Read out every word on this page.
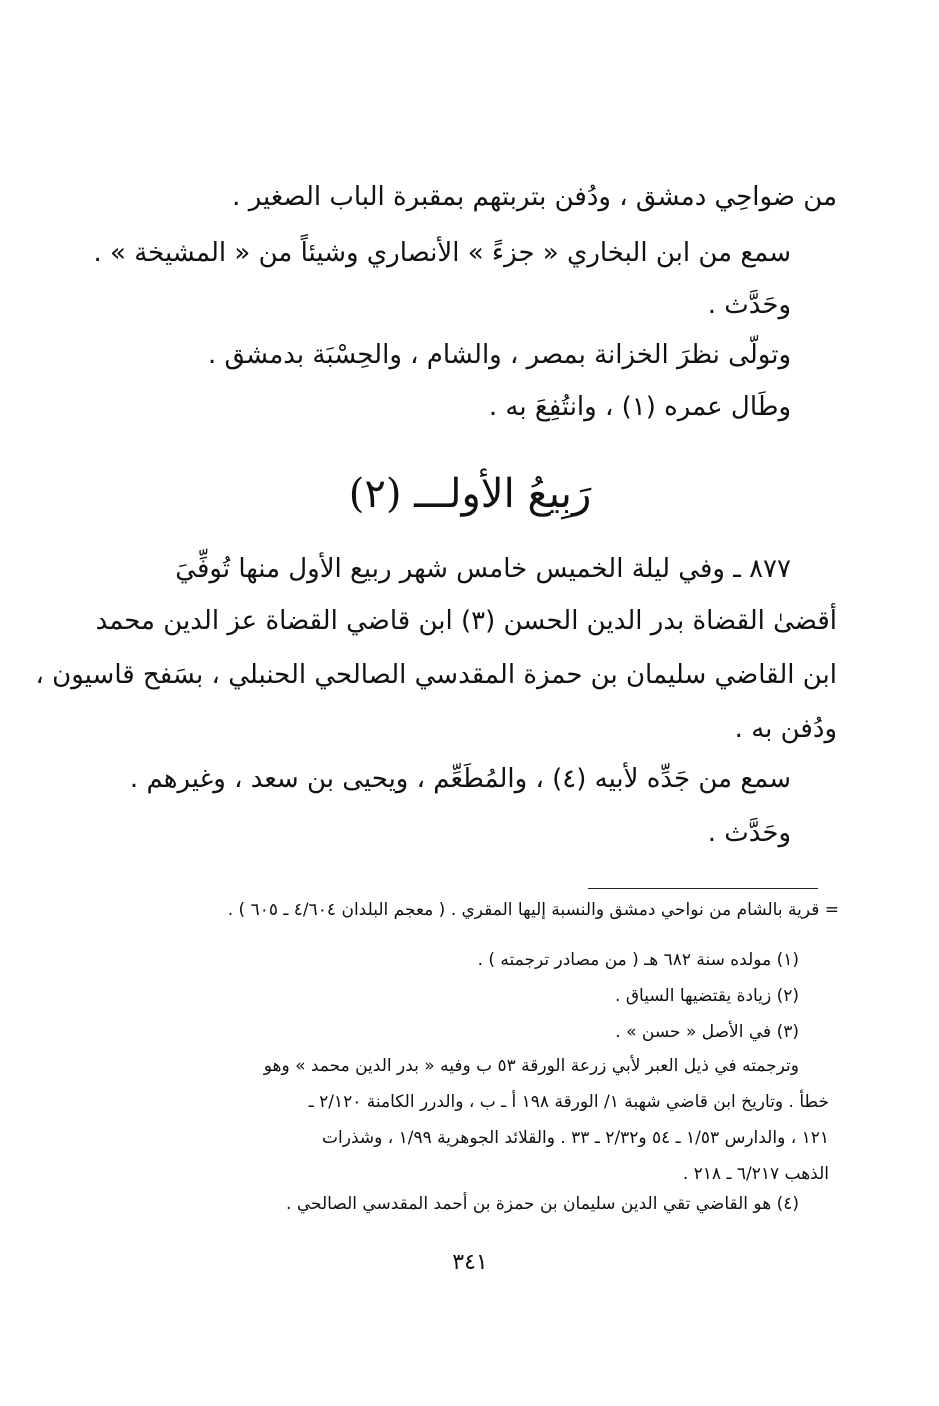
من ضواحِي دمشق ، ودُفن بتربتهم بمقبرة الباب الصغير .
سمع من ابن البخاري « جزءً » الأنصاري وشيئاً من « المشيخة » .
وحَدَّث .
وتولّى نظرَ الخزانة بمصر ، والشام ، والحِسْبَة بدمشق .
وطَال عمره (١) ، وانتُفِعَ به .
رَبِيعُ الأولـــ (٢)
٨٧٧ ـ وفي ليلة الخميس خامس شهر ربيع الأول منها تُوفِّيَ
أقضىٰ القضاة بدر الدين الحسن (٣) ابن قاضي القضاة عز الدين محمد
ابن القاضي سليمان بن حمزة المقدسي الصالحي الحنبلي ، بسَفح قاسيون ،
ودُفن به .
سمع من جَدِّه لأبيه (٤) ، والمُطَعِّم ، ويحيى بن سعد ، وغيرهم .
وحَدَّث .
= قرية بالشام من نواحي دمشق والنسبة إليها المقري . ( معجم البلدان ٤/٦٠٤ ـ ٦٠٥ ) .
(١) مولده سنة ٦٨٢ هـ ( من مصادر ترجمته ) .
(٢) زيادة يقتضيها السياق .
(٣) في الأصل « حسن » .
وترجمته في ذيل العبر لأبي زرعة الورقة ٥٣ ب وفيه « بدر الدين محمد » وهو
خطأ . وتاريخ ابن قاضي شهبة ١/ الورقة ١٩٨ أ ـ ب ، والدرر الكامنة ٢/١٢٠ ـ
١٢١ ، والدارس ١/٥٣ ـ ٥٤ و٢/٣٢ ـ ٣٣ . والقلائد الجوهرية ١/٩٩ ، وشذرات
الذهب ٦/٢١٧ ـ ٢١٨ .
(٤) هو القاضي تقي الدين سليمان بن حمزة بن أحمد المقدسي الصالحي .
٣٤١
